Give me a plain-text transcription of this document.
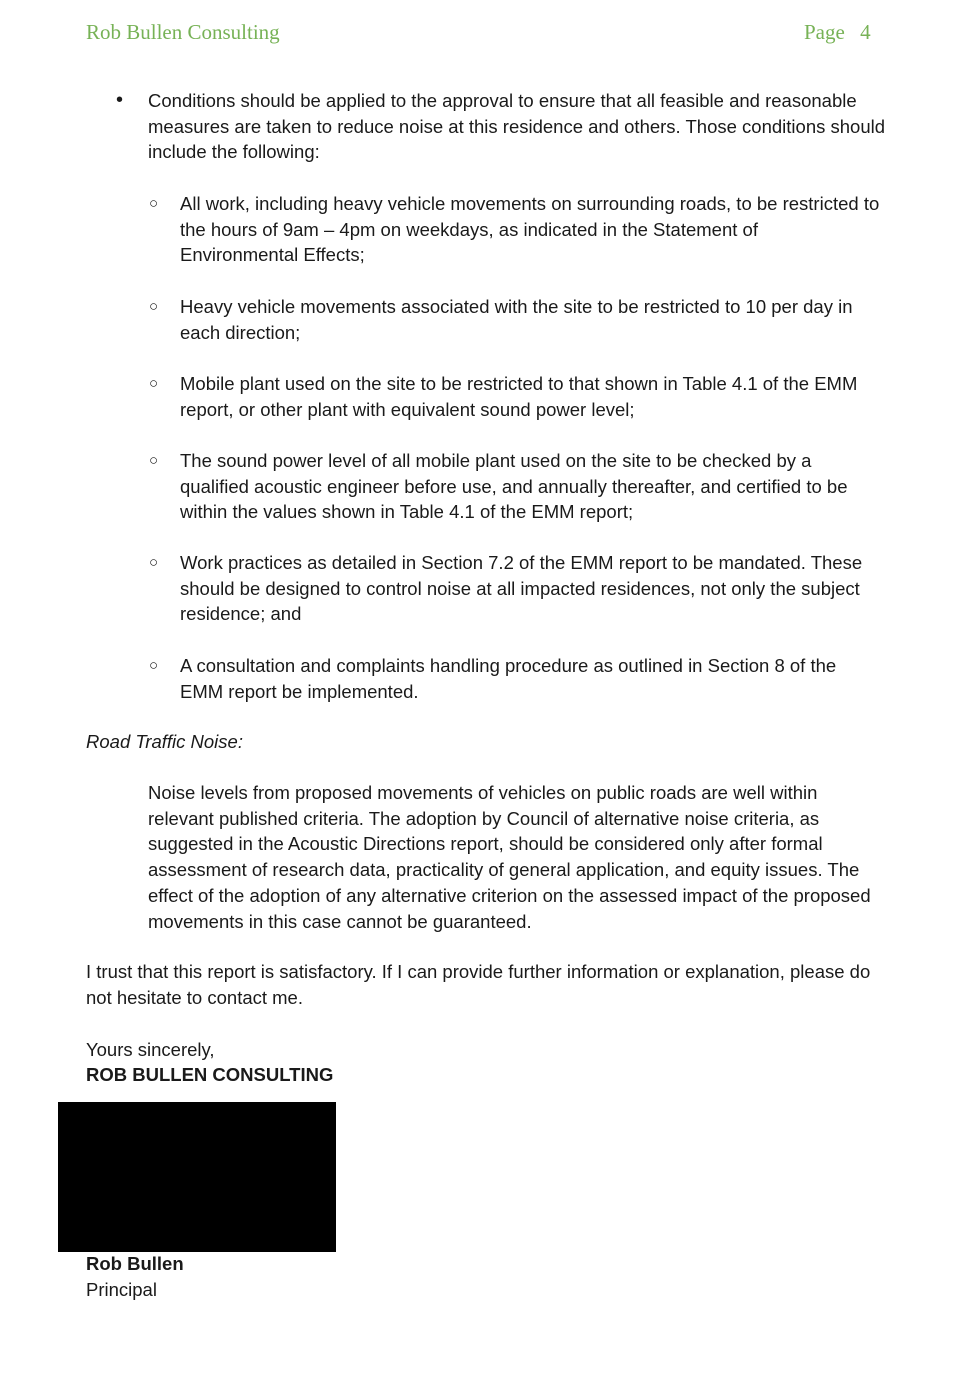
Rob Bullen Consulting	Page 4
• Conditions should be applied to the approval to ensure that all feasible and reasonable measures are taken to reduce noise at this residence and others. Those conditions should include the following:
○ All work, including heavy vehicle movements on surrounding roads, to be restricted to the hours of 9am – 4pm on weekdays, as indicated in the Statement of Environmental Effects;
○ Heavy vehicle movements associated with the site to be restricted to 10 per day in each direction;
○ Mobile plant used on the site to be restricted to that shown in Table 4.1 of the EMM report, or other plant with equivalent sound power level;
○ The sound power level of all mobile plant used on the site to be checked by a qualified acoustic engineer before use, and annually thereafter, and certified to be within the values shown in Table 4.1 of the EMM report;
○ Work practices as detailed in Section 7.2 of the EMM report to be mandated. These should be designed to control noise at all impacted residences, not only the subject residence; and
○ A consultation and complaints handling procedure as outlined in Section 8 of the EMM report be implemented.
Road Traffic Noise:
Noise levels from proposed movements of vehicles on public roads are well within relevant published criteria. The adoption by Council of alternative noise criteria, as suggested in the Acoustic Directions report, should be considered only after formal assessment of research data, practicality of general application, and equity issues. The effect of the adoption of any alternative criterion on the assessed impact of the proposed movements in this case cannot be guaranteed.
I trust that this report is satisfactory. If I can provide further information or explanation, please do not hesitate to contact me.
Yours sincerely,
ROB BULLEN CONSULTING
Rob Bullen
Principal
